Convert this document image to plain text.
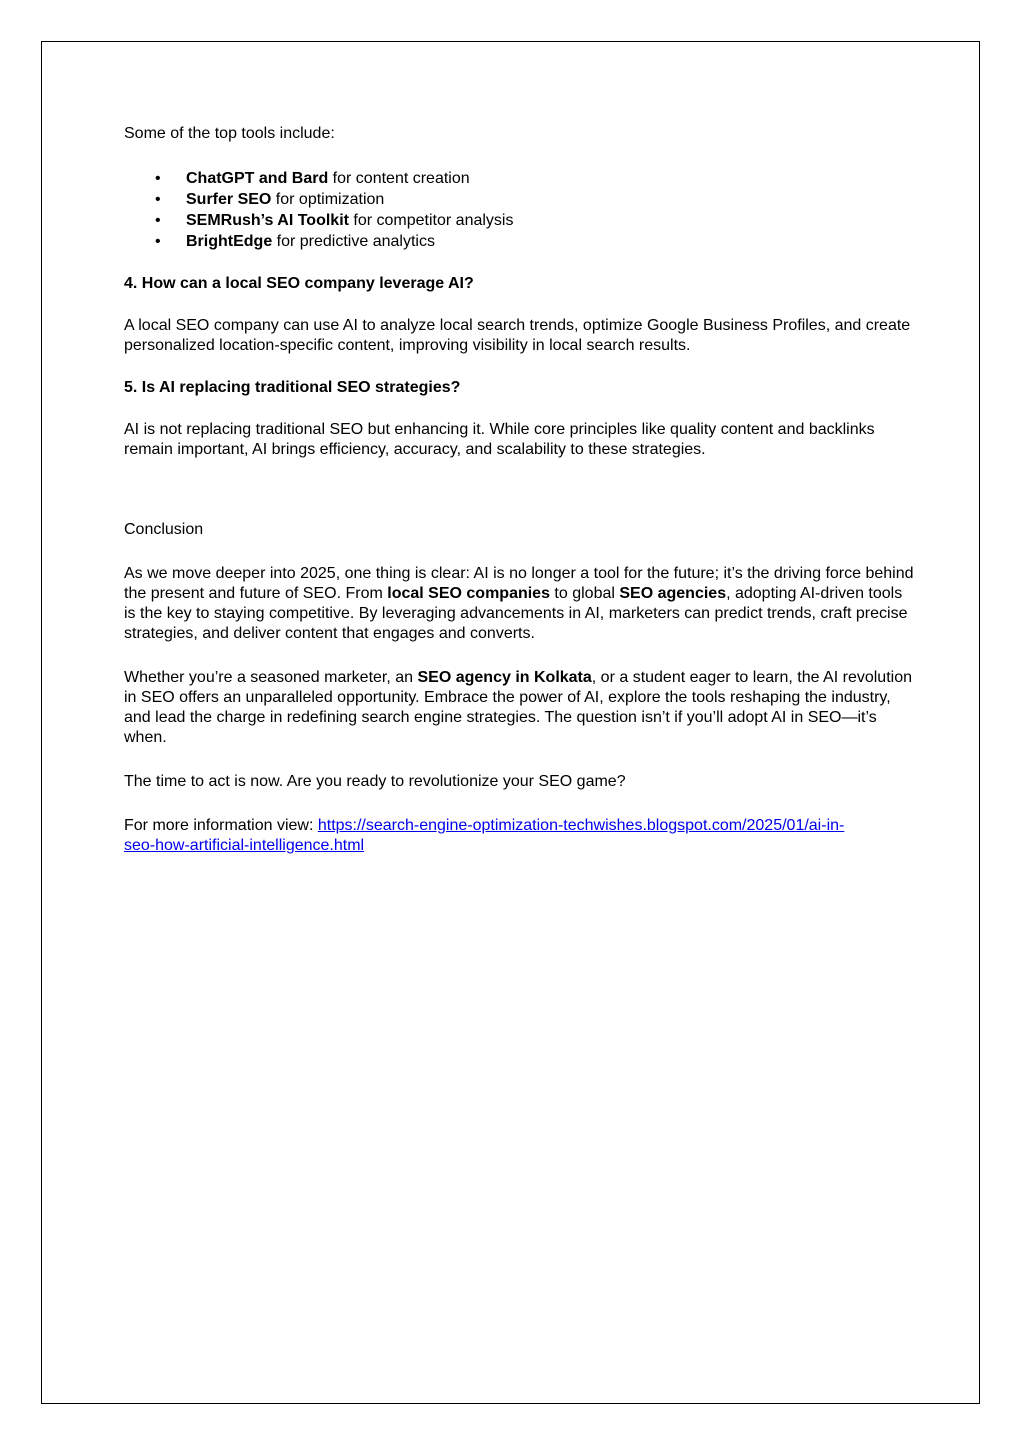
Some of the top tools include:

• ChatGPT and Bard for content creation
• Surfer SEO for optimization
• SEMRush’s AI Toolkit for competitor analysis
• BrightEdge for predictive analytics

4. How can a local SEO company leverage AI?

A local SEO company can use AI to analyze local search trends, optimize Google Business Profiles, and create personalized location-specific content, improving visibility in local search results.

5. Is AI replacing traditional SEO strategies?

AI is not replacing traditional SEO but enhancing it. While core principles like quality content and backlinks remain important, AI brings efficiency, accuracy, and scalability to these strategies.

Conclusion

As we move deeper into 2025, one thing is clear: AI is no longer a tool for the future; it’s the driving force behind the present and future of SEO. From local SEO companies to global SEO agencies, adopting AI-driven tools is the key to staying competitive. By leveraging advancements in AI, marketers can predict trends, craft precise strategies, and deliver content that engages and converts.

Whether you’re a seasoned marketer, an SEO agency in Kolkata, or a student eager to learn, the AI revolution in SEO offers an unparalleled opportunity. Embrace the power of AI, explore the tools reshaping the industry, and lead the charge in redefining search engine strategies. The question isn’t if you’ll adopt AI in SEO—it’s when.

The time to act is now. Are you ready to revolutionize your SEO game?

For more information view: https://search-engine-optimization-techwishes.blogspot.com/2025/01/ai-in-
seo-how-artificial-intelligence.html
